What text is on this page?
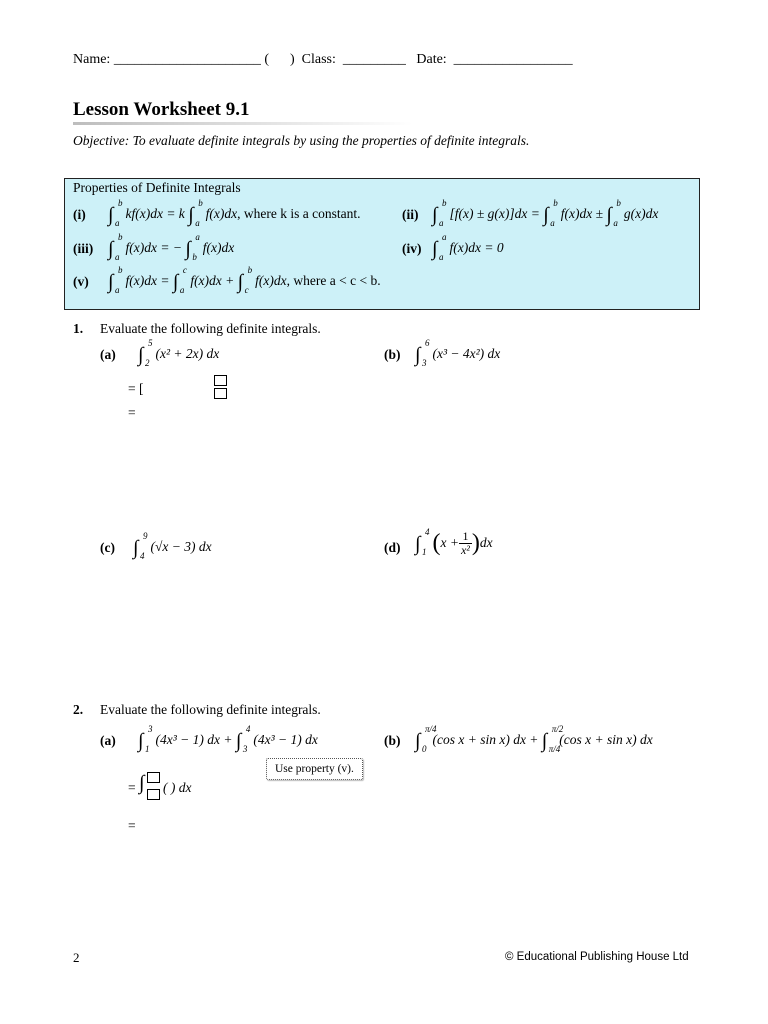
Name: _____________________ (      )  Class:  _________   Date:  _________________
Lesson Worksheet 9.1
Objective: To evaluate definite integrals by using the properties of definite integrals.
Properties of Definite Integrals
(i) ∫
b
a
kf(x)dx = k ∫
b
a
f(x)dx, where k is a constant.	(ii) ∫
b
a
[f(x) ± g(x)]dx = ∫
b
a
f(x)dx ± ∫
b
a
g(x)dx
(iii) ∫
b
a
f(x)dx = − ∫
a
b
f(x)dx	(iv) ∫
a
a
f(x)dx = 0
(v) ∫
b
a
f(x)dx = ∫
c
a
f(x)dx + ∫
b
c
f(x)dx, where a < c < b.
1. Evaluate the following definite integrals.
(a) ∫
5
2
(x² + 2x) dx
= [

=
(b) ∫
6
3
(x³ − 4x²) dx
(c) ∫
9
4
(√x − 3) dx	(d) ∫
4
1 $(x + \frac{1}{\text{x²}} )dx$
2. Evaluate the following definite integrals.
(a) ∫
3
1
(4x³ − 1) dx + ∫
4
3
(4x³ − 1) dx
Use property (v).
= ∫ ( ) dx
=
(b) ∫
π/4
0
(cos x + sin x) dx + ∫
π/2
π/4
(cos x + sin x) dx
2	© Educational Publishing House Ltd
